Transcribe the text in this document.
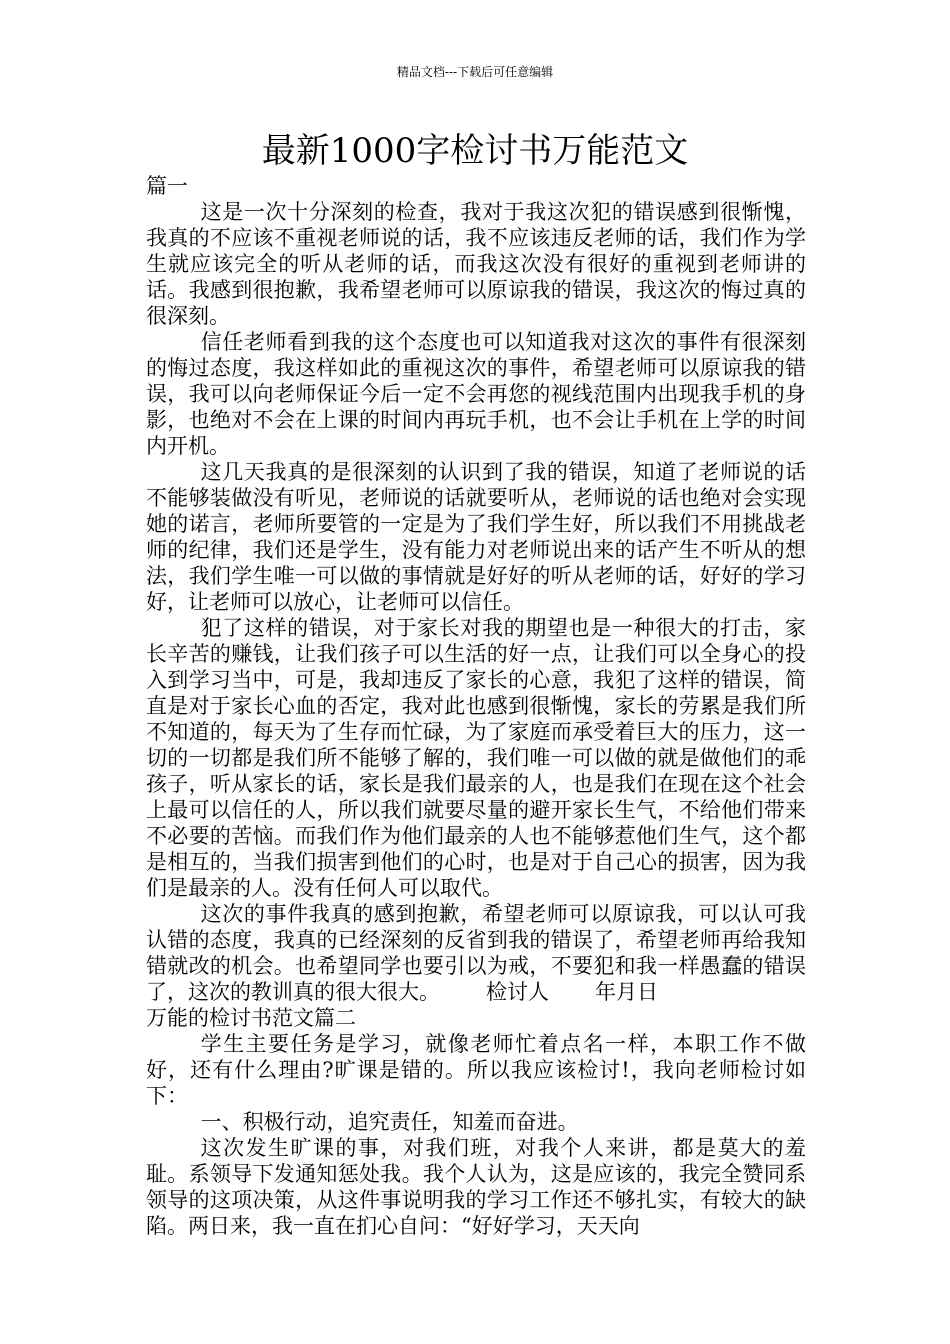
精品文档---下载后可任意编辑
最新1000字检讨书万能范文

篇一

这是一次十分深刻的检查，我对于我这次犯的错误感到很惭愧，我真的不应该不重视老师说的话，我不应该违反老师的话，我们作为学生就应该完全的听从老师的话，而我这次没有很好的重视到老师讲的话。我感到很抱歉，我希望老师可以原谅我的错误，我这次的悔过真的很深刻。

信任老师看到我的这个态度也可以知道我对这次的事件有很深刻的悔过态度，我这样如此的重视这次的事件，希望老师可以原谅我的错误，我可以向老师保证今后一定不会再您的视线范围内出现我手机的身影，也绝对不会在上课的时间内再玩手机，也不会让手机在上学的时间内开机。

这几天我真的是很深刻的认识到了我的错误，知道了老师说的话不能够装做没有听见，老师说的话就要听从，老师说的话也绝对会实现她的诺言，老师所要管的一定是为了我们学生好，所以我们不用挑战老师的纪律，我们还是学生，没有能力对老师说出来的话产生不听从的想法，我们学生唯一可以做的事情就是好好的听从老师的话，好好的学习好，让老师可以放心，让老师可以信任。

犯了这样的错误，对于家长对我的期望也是一种很大的打击，家长辛苦的赚钱，让我们孩子可以生活的好一点，让我们可以全身心的投入到学习当中，可是，我却违反了家长的心意，我犯了这样的错误，简直是对于家长心血的否定，我对此也感到很惭愧，家长的劳累是我们所不知道的，每天为了生存而忙碌，为了家庭而承受着巨大的压力，这一切的一切都是我们所不能够了解的，我们唯一可以做的就是做他们的乖孩子，听从家长的话，家长是我们最亲的人，也是我们在现在这个社会上最可以信任的人，所以我们就要尽量的避开家长生气，不给他们带来不必要的苦恼。而我们作为他们最亲的人也不能够惹他们生气，这个都是相互的，当我们损害到他们的心时，也是对于自己心的损害，因为我们是最亲的人。没有任何人可以取代。

这次的事件我真的感到抱歉，希望老师可以原谅我，可以认可我认错的态度，我真的已经深刻的反省到我的错误了，希望老师再给我知错就改的机会。也希望同学也要引以为戒，不要犯和我一样愚蠢的错误了，这次的教训真的很大很大。 检讨人 年月日

万能的检讨书范文篇二

学生主要任务是学习，就像老师忙着点名一样，本职工作不做好，还有什么理由?旷课是错的。所以我应该检讨!，我向老师检讨如下：

一、积极行动，追究责任，知羞而奋进。

这次发生旷课的事，对我们班，对我个人来讲，都是莫大的羞耻。系领导下发通知惩处我。我个人认为，这是应该的，我完全赞同系领导的这项决策，从这件事说明我的学习工作还不够扎实，有较大的缺陷。两日来，我一直在扪心自问：“好好学习，天天向
